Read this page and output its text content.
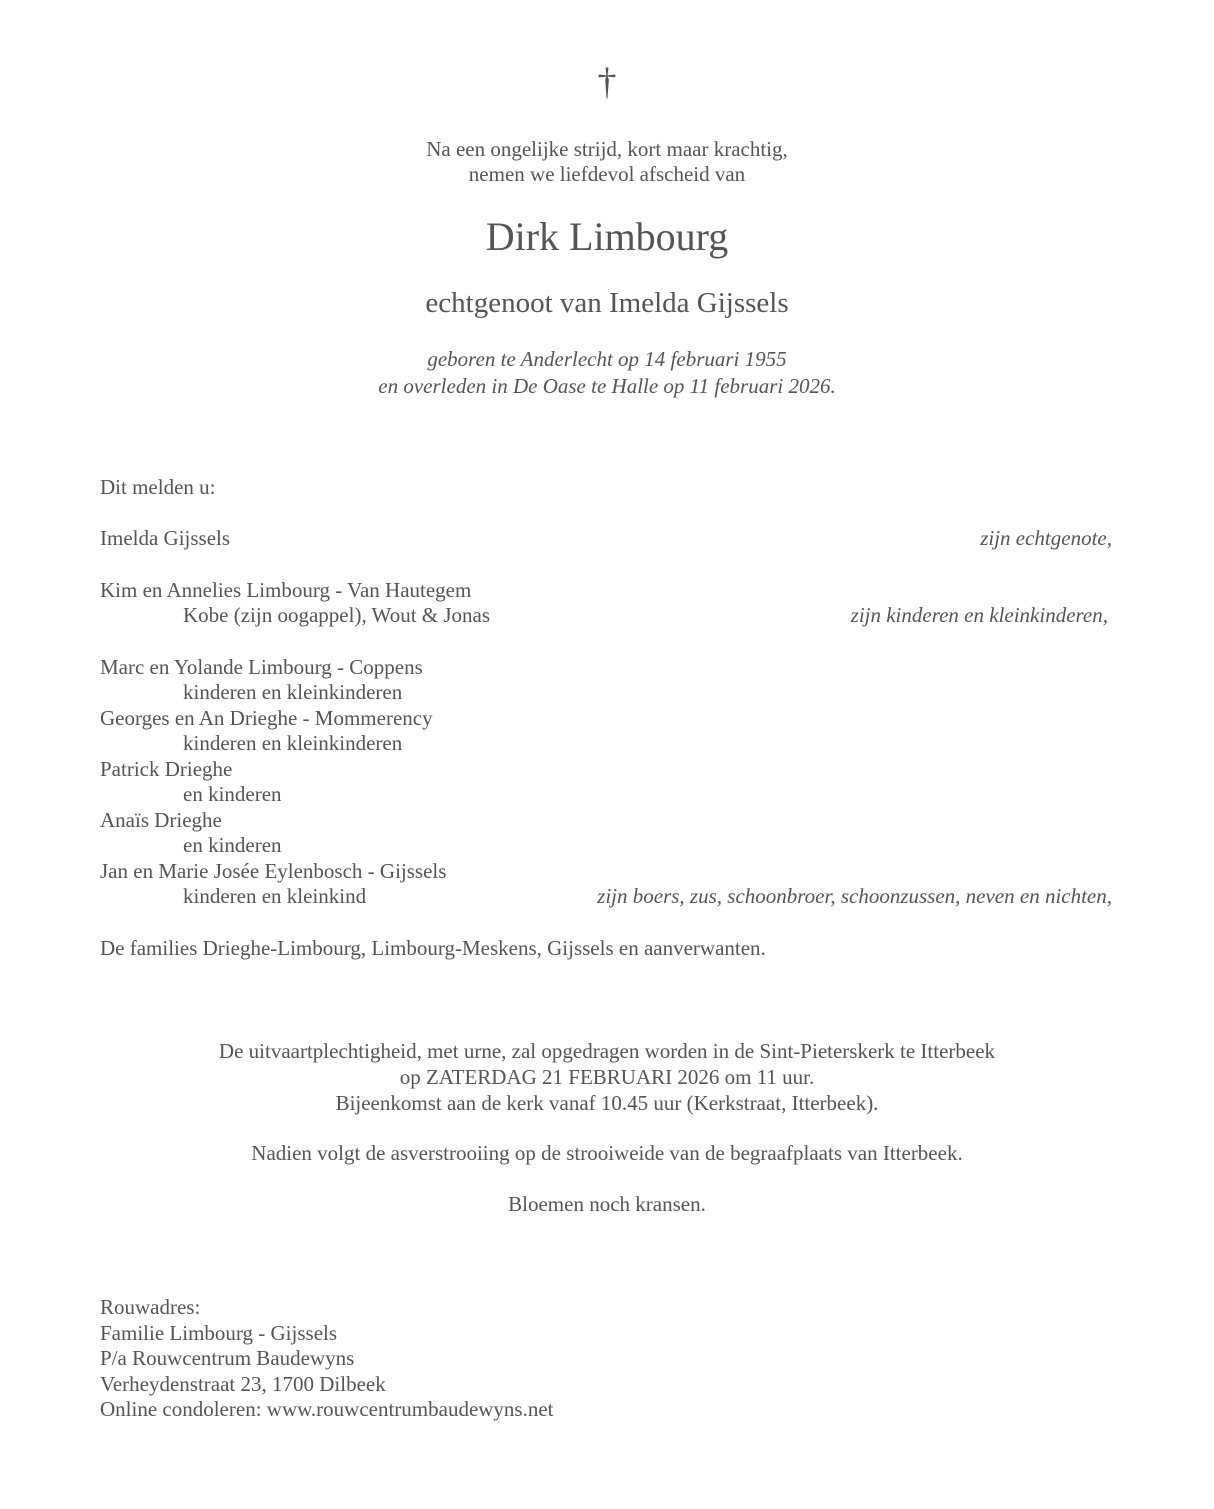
†
Na een ongelijke strijd, kort maar krachtig,
nemen we liefdevol afscheid van
Dirk Limbourg
echtgenoot van Imelda Gijssels
geboren te Anderlecht op 14 februari 1955
en overleden in De Oase te Halle op 11 februari 2026.
Dit melden u:
Imelda Gijssels	zijn echtgenote,
Kim en Annelies Limbourg - Van Hautegem
Kobe (zijn oogappel), Wout & Jonas	zijn kinderen en kleinkinderen,
Marc en Yolande Limbourg - Coppens
kinderen en kleinkinderen
Georges en An Drieghe - Mommerency
kinderen en kleinkinderen
Patrick Drieghe
en kinderen
Anaïs Drieghe
en kinderen
Jan en Marie Josée Eylenbosch - Gijssels
kinderen en kleinkind	zijn boers, zus, schoonbroer, schoonzussen, neven en nichten,
De families Drieghe-Limbourg, Limbourg-Meskens, Gijssels en aanverwanten.
De uitvaartplechtigheid, met urne, zal opgedragen worden in de Sint-Pieterskerk te Itterbeek
op ZATERDAG 21 FEBRUARI 2026 om 11 uur.
Bijeenkomst aan de kerk vanaf 10.45 uur (Kerkstraat, Itterbeek).
Nadien volgt de asverstrooiing op de strooiweide van de begraafplaats van Itterbeek.
Bloemen noch kransen.
Rouwadres:
Familie Limbourg - Gijssels
P/a Rouwcentrum Baudewyns
Verheydenstraat 23, 1700 Dilbeek
Online condoleren: www.rouwcentrumbaudewyns.net
